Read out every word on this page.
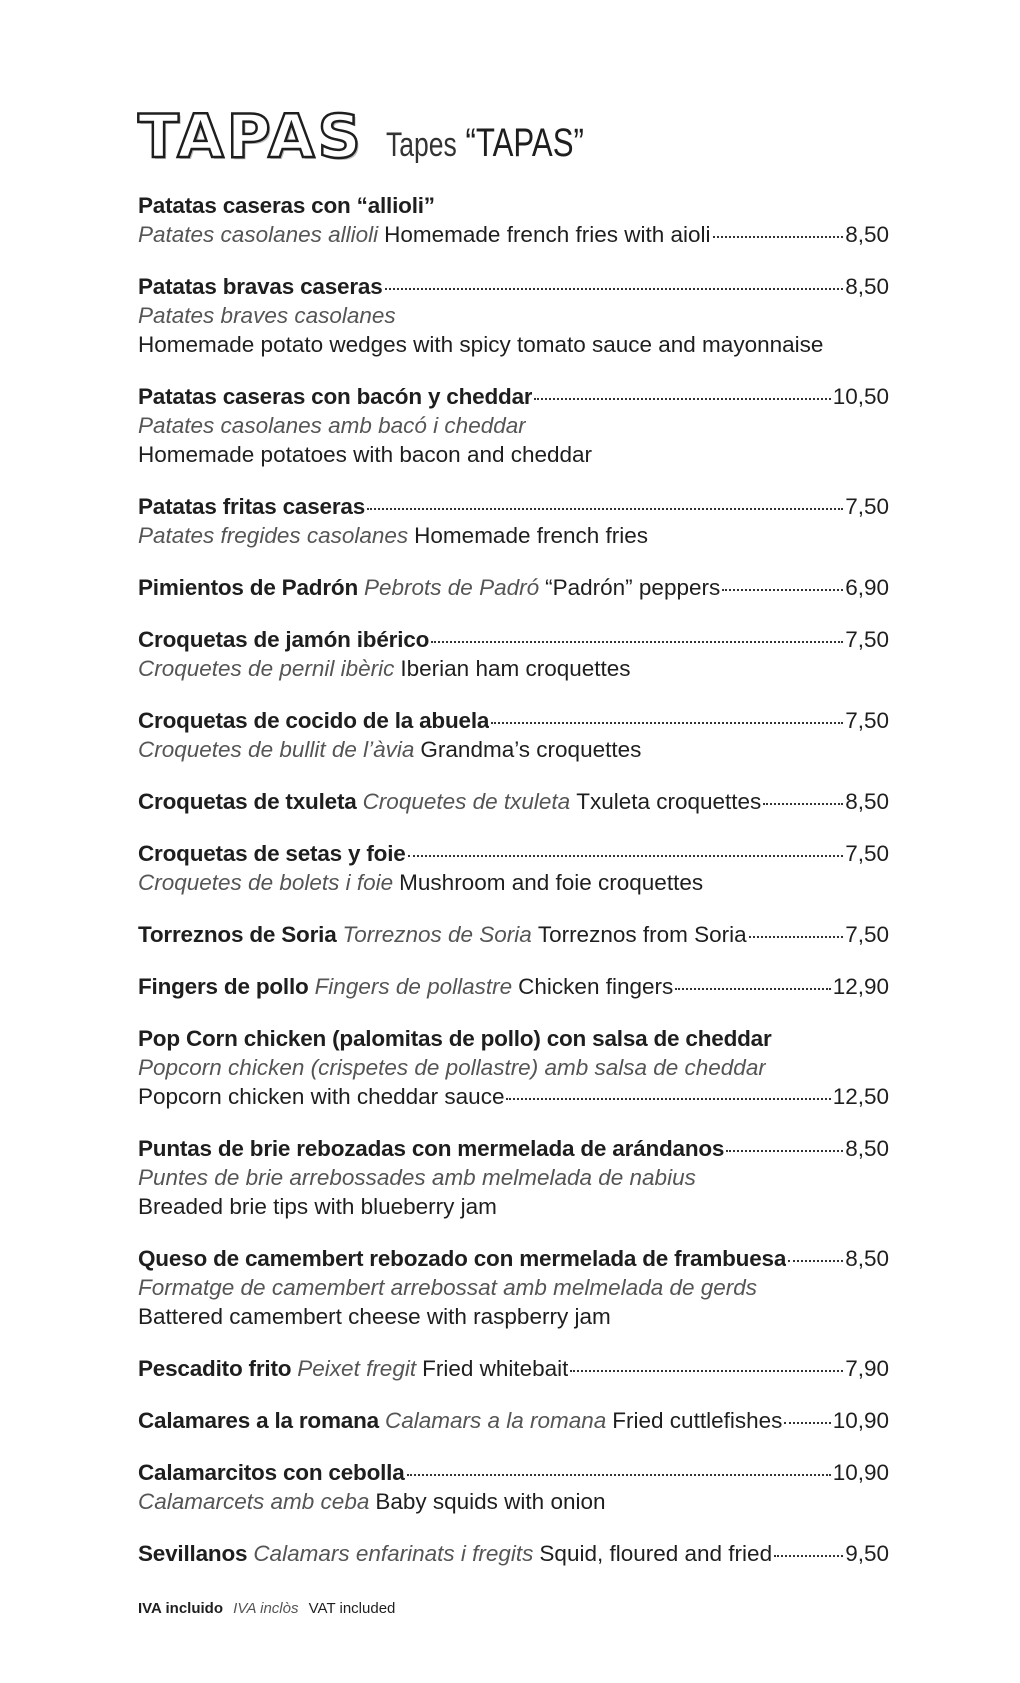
TAPAS Tapes “TAPAS”
Patatas caseras con “allioli”
Patates casolanes allioli Homemade french fries with aioli	8,50
Patatas bravas caseras	8,50
Patates braves casolanes
Homemade potato wedges with spicy tomato sauce and mayonnaise
Patatas caseras con bacón y cheddar	10,50
Patates casolanes amb bacó i cheddar
Homemade potatoes with bacon and cheddar
Patatas fritas caseras	7,50
Patates fregides casolanes Homemade french fries
Pimientos de Padrón Pebrots de Padró “Padrón” peppers	6,90
Croquetas de jamón ibérico	7,50
Croquetes de pernil ibèric Iberian ham croquettes
Croquetas de cocido de la abuela	7,50
Croquetes de bullit de l’àvia Grandma’s croquettes
Croquetas de txuleta Croquetes de txuleta Txuleta croquettes	8,50
Croquetas de setas y foie	7,50
Croquetes de bolets i foie Mushroom and foie croquettes
Torreznos de Soria Torreznos de Soria Torreznos from Soria	7,50
Fingers de pollo Fingers de pollastre Chicken fingers	12,90
Pop Corn chicken (palomitas de pollo) con salsa de cheddar
Popcorn chicken (crispetes de pollastre) amb salsa de cheddar
Popcorn chicken with cheddar sauce	12,50
Puntas de brie rebozadas con mermelada de arándanos	8,50
Puntes de brie arrebossades amb melmelada de nabius
Breaded brie tips with blueberry jam
Queso de camembert rebozado con mermelada de frambuesa	8,50
Formatge de camembert arrebossat amb melmelada de gerds
Battered camembert cheese with raspberry jam
Pescadito frito Peixet fregit Fried whitebait	7,90
Calamares a la romana Calamars a la romana Fried cuttlefishes 10,90
Calamarcitos con cebolla	10,90
Calamarcets amb ceba Baby squids with onion
Sevillanos Calamars enfarinats i fregits Squid, floured and fried	9,50
IVA incluido IVA inclòs VAT included
